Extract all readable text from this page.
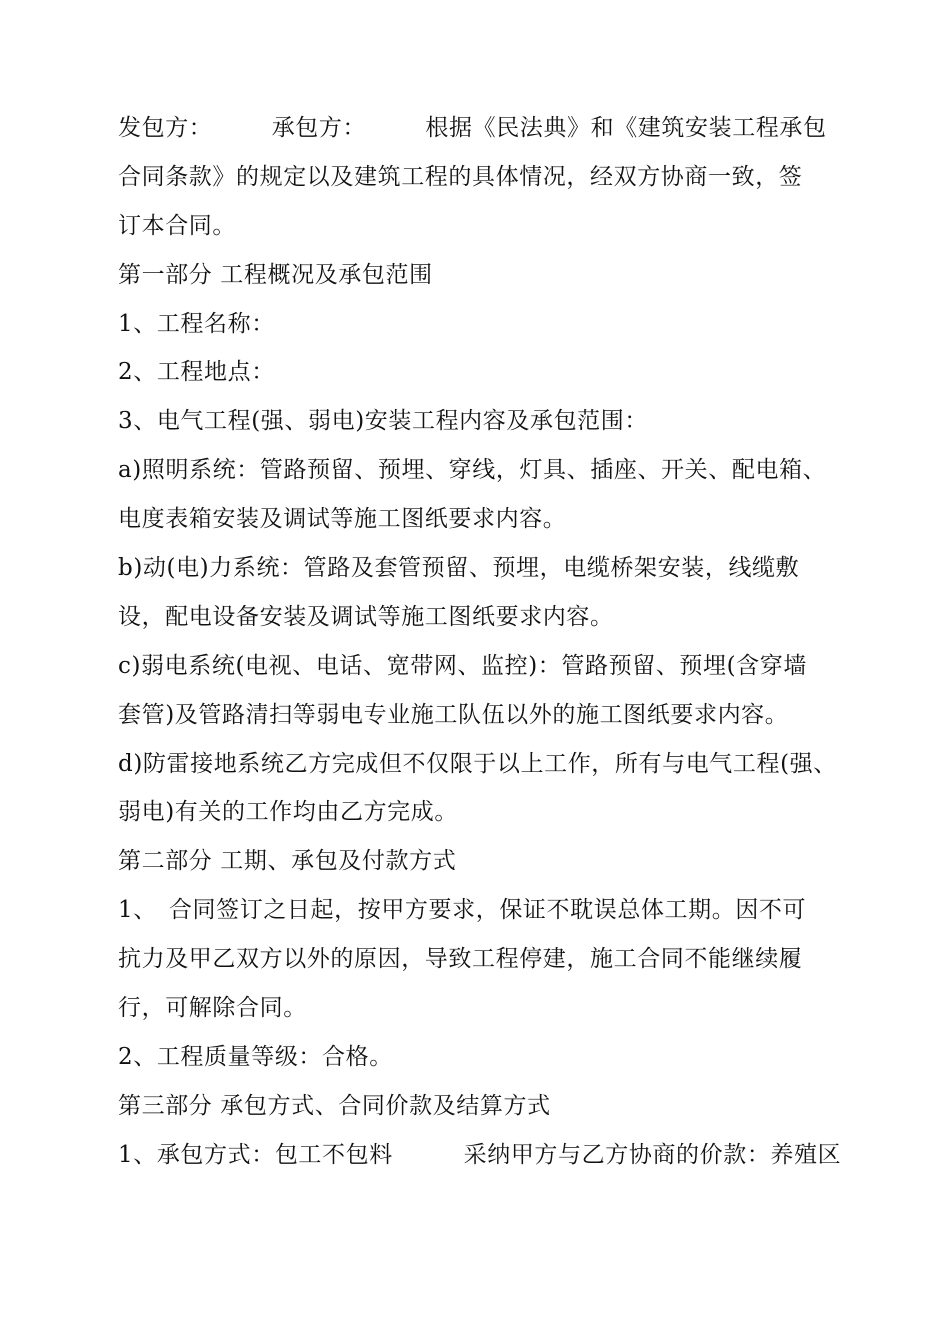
发包方：　　　承包方：　　　根据《民法典》和《建筑安装工程承包
合同条款》的规定以及建筑工程的具体情况，经双方协商一致，签
订本合同。
第一部分 工程概况及承包范围
1、工程名称：
2、工程地点：
3、电气工程(强、弱电)安装工程内容及承包范围：
a)照明系统：管路预留、预埋、穿线，灯具、插座、开关、配电箱、
电度表箱安装及调试等施工图纸要求内容。
b)动(电)力系统：管路及套管预留、预埋，电缆桥架安装，线缆敷
设，配电设备安装及调试等施工图纸要求内容。
c)弱电系统(电视、电话、宽带网、监控)：管路预留、预埋(含穿墙
套管)及管路清扫等弱电专业施工队伍以外的施工图纸要求内容。
d)防雷接地系统乙方完成但不仅限于以上工作，所有与电气工程(强、
弱电)有关的工作均由乙方完成。
第二部分 工期、承包及付款方式
1、　合同签订之日起，按甲方要求，保证不耽误总体工期。因不可
抗力及甲乙双方以外的原因，导致工程停建，施工合同不能继续履
行，可解除合同。
2、工程质量等级：合格。
第三部分 承包方式、合同价款及结算方式
1、承包方式：包工不包料　　　采纳甲方与乙方协商的价款：养殖区
